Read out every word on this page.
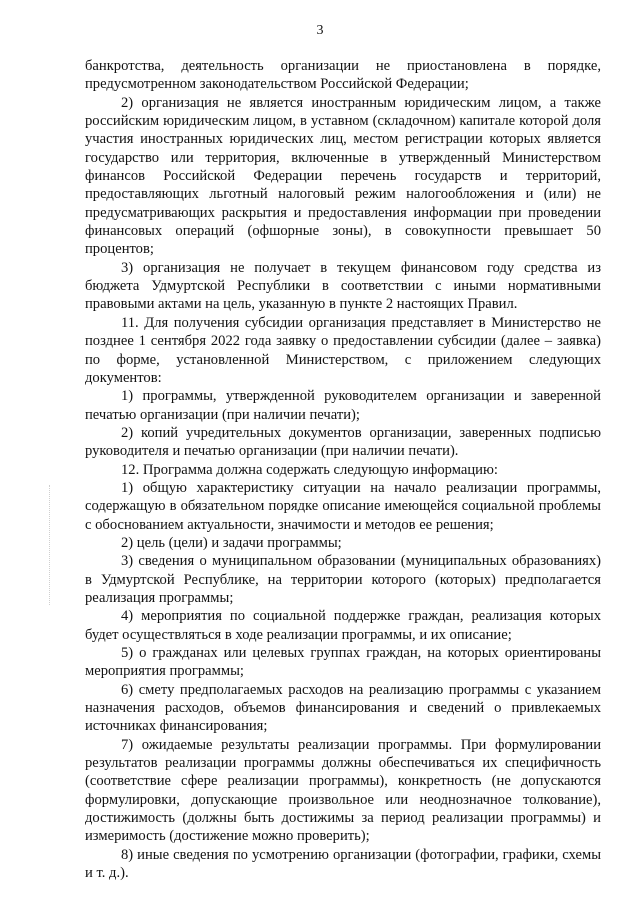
3

банкротства, деятельность организации не приостановлена в порядке, предусмотренном законодательством Российской Федерации;

2) организация не является иностранным юридическим лицом, а также российским юридическим лицом, в уставном (складочном) капитале которой доля участия иностранных юридических лиц, местом регистрации которых является государство или территория, включенные в утвержденный Министерством финансов Российской Федерации перечень государств и территорий, предоставляющих льготный налоговый режим налогообложения и (или) не предусматривающих раскрытия и предоставления информации при проведении финансовых операций (офшорные зоны), в совокупности превышает 50 процентов;

3) организация не получает в текущем финансовом году средства из бюджета Удмуртской Республики в соответствии с иными нормативными правовыми актами на цель, указанную в пункте 2 настоящих Правил.

11. Для получения субсидии организация представляет в Министерство не позднее 1 сентября 2022 года заявку о предоставлении субсидии (далее – заявка) по форме, установленной Министерством, с приложением следующих документов:

1) программы, утвержденной руководителем организации и заверенной печатью организации (при наличии печати);

2) копий учредительных документов организации, заверенных подписью руководителя и печатью организации (при наличии печати).

12. Программа должна содержать следующую информацию:

1) общую характеристику ситуации на начало реализации программы, содержащую в обязательном порядке описание имеющейся социальной проблемы с обоснованием актуальности, значимости и методов ее решения;

2) цель (цели) и задачи программы;

3) сведения о муниципальном образовании (муниципальных образованиях) в Удмуртской Республике, на территории которого (которых) предполагается реализация программы;

4) мероприятия по социальной поддержке граждан, реализация которых будет осуществляться в ходе реализации программы, и их описание;

5) о гражданах или целевых группах граждан, на которых ориентированы мероприятия программы;

6) смету предполагаемых расходов на реализацию программы с указанием назначения расходов, объемов финансирования и сведений о привлекаемых источниках финансирования;

7) ожидаемые результаты реализации программы. При формулировании результатов реализации программы должны обеспечиваться их специфичность (соответствие сфере реализации программы), конкретность (не допускаются формулировки, допускающие произвольное или неоднозначное толкование), достижимость (должны быть достижимы за период реализации программы) и измеримость (достижение можно проверить);

8) иные сведения по усмотрению организации (фотографии, графики, схемы и т. д.).
